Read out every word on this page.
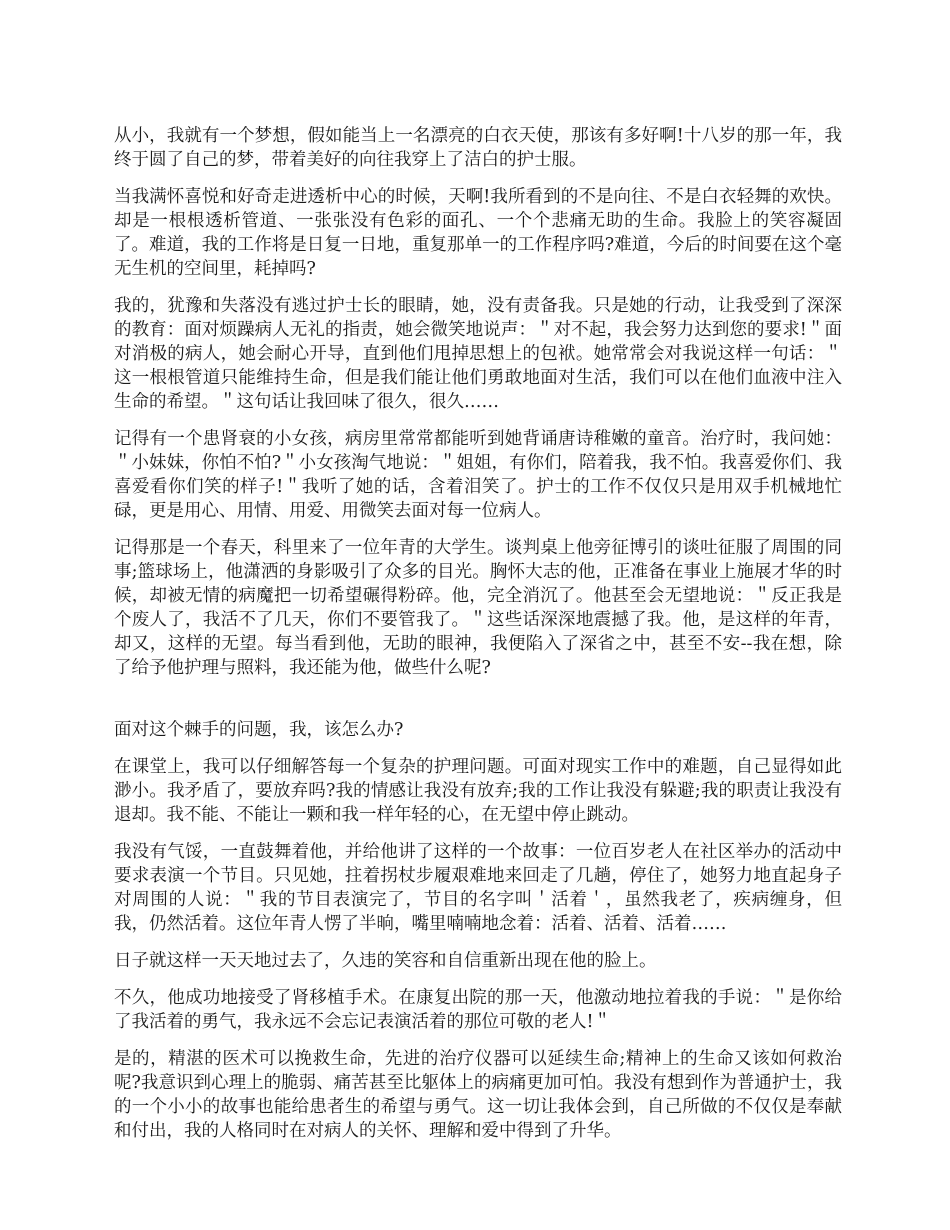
从小，我就有一个梦想，假如能当上一名漂亮的白衣天使，那该有多好啊!十八岁的那一年，我终于圆了自己的梦，带着美好的向往我穿上了洁白的护士服。

当我满怀喜悦和好奇走进透析中心的时候，天啊!我所看到的不是向往、不是白衣轻舞的欢快。却是一根根透析管道、一张张没有色彩的面孔、一个个悲痛无助的生命。我脸上的笑容凝固了。难道，我的工作将是日复一日地，重复那单一的工作程序吗?难道，今后的时间要在这个毫无生机的空间里，耗掉吗?

我的，犹豫和失落没有逃过护士长的眼睛，她，没有责备我。只是她的行动，让我受到了深深的教育：面对烦躁病人无礼的指责，她会微笑地说声：＂对不起，我会努力达到您的要求!＂面对消极的病人，她会耐心开导，直到他们甩掉思想上的包袱。她常常会对我说这样一句话：＂这一根根管道只能维持生命，但是我们能让他们勇敢地面对生活，我们可以在他们血液中注入生命的希望。＂这句话让我回味了很久，很久……

记得有一个患肾衰的小女孩，病房里常常都能听到她背诵唐诗稚嫩的童音。治疗时，我问她：＂小妹妹，你怕不怕?＂小女孩淘气地说：＂姐姐，有你们，陪着我，我不怕。我喜爱你们、我喜爱看你们笑的样子!＂我听了她的话，含着泪笑了。护士的工作不仅仅只是用双手机械地忙碌，更是用心、用情、用爱、用微笑去面对每一位病人。

记得那是一个春天，科里来了一位年青的大学生。谈判桌上他旁征博引的谈吐征服了周围的同事;篮球场上，他潇洒的身影吸引了众多的目光。胸怀大志的他，正准备在事业上施展才华的时候，却被无情的病魔把一切希望碾得粉碎。他，完全消沉了。他甚至会无望地说：＂反正我是个废人了，我活不了几天，你们不要管我了。＂这些话深深地震撼了我。他，是这样的年青，却又，这样的无望。每当看到他，无助的眼神，我便陷入了深省之中，甚至不安--我在想，除了给予他护理与照料，我还能为他，做些什么呢?

面对这个棘手的问题，我，该怎么办?

在课堂上，我可以仔细解答每一个复杂的护理问题。可面对现实工作中的难题，自己显得如此渺小。我矛盾了，要放弃吗?我的情感让我没有放弃;我的工作让我没有躲避;我的职责让我没有退却。我不能、不能让一颗和我一样年轻的心，在无望中停止跳动。

我没有气馁，一直鼓舞着他，并给他讲了这样的一个故事：一位百岁老人在社区举办的活动中要求表演一个节目。只见她，拄着拐杖步履艰难地来回走了几趟，停住了，她努力地直起身子对周围的人说：＂我的节目表演完了，节目的名字叫＇活着＇，虽然我老了，疾病缠身，但我，仍然活着。这位年青人愣了半晌，嘴里喃喃地念着：活着、活着、活着……

日子就这样一天天地过去了，久违的笑容和自信重新出现在他的脸上。

不久，他成功地接受了肾移植手术。在康复出院的那一天，他激动地拉着我的手说：＂是你给了我活着的勇气，我永远不会忘记表演活着的那位可敬的老人!＂

是的，精湛的医术可以挽救生命，先进的治疗仪器可以延续生命;精神上的生命又该如何救治呢?我意识到心理上的脆弱、痛苦甚至比躯体上的病痛更加可怕。我没有想到作为普通护士，我的一个小小的故事也能给患者生的希望与勇气。这一切让我体会到，自己所做的不仅仅是奉献和付出，我的人格同时在对病人的关怀、理解和爱中得到了升华。
